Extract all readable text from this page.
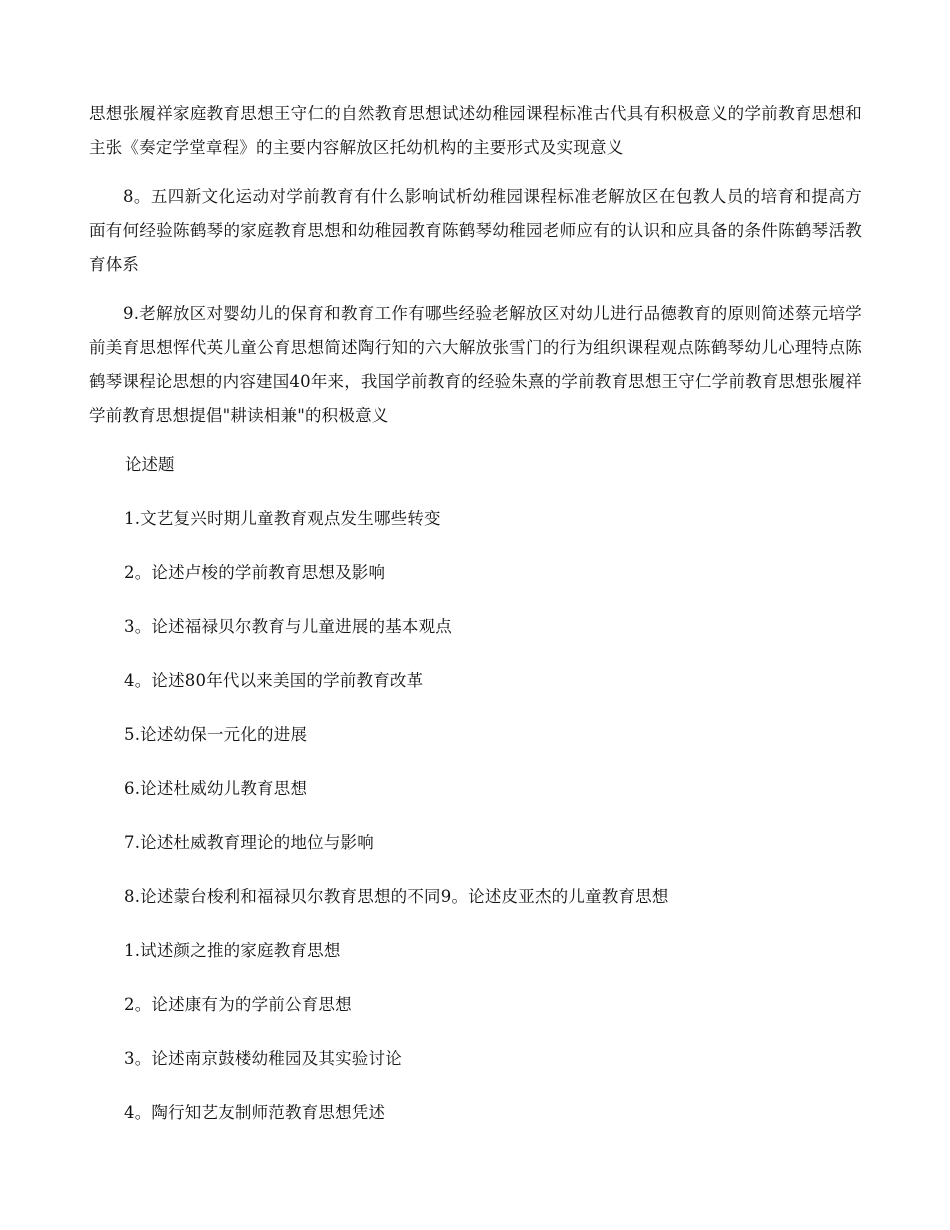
思想张履祥家庭教育思想王守仁的自然教育思想试述幼稚园课程标准古代具有积极意义的学前教育思想和主张《奏定学堂章程》的主要内容解放区托幼机构的主要形式及实现意义

8。五四新文化运动对学前教育有什么影响试析幼稚园课程标准老解放区在包教人员的培育和提高方面有何经验陈鹤琴的家庭教育思想和幼稚园教育陈鹤琴幼稚园老师应有的认识和应具备的条件陈鹤琴活教育体系

9.老解放区对婴幼儿的保育和教育工作有哪些经验老解放区对幼儿进行品德教育的原则简述蔡元培学前美育思想恽代英儿童公育思想简述陶行知的六大解放张雪门的行为组织课程观点陈鹤琴幼儿心理特点陈鹤琴课程论思想的内容建国40年来，我国学前教育的经验朱熹的学前教育思想王守仁学前教育思想张履祥学前教育思想提倡"耕读相兼"的积极意义

论述题
1.文艺复兴时期儿童教育观点发生哪些转变
2。论述卢梭的学前教育思想及影响
3。论述福禄贝尔教育与儿童进展的基本观点
4。论述80年代以来美国的学前教育改革
5.论述幼保一元化的进展
6.论述杜威幼儿教育思想
7.论述杜威教育理论的地位与影响
8.论述蒙台梭利和福禄贝尔教育思想的不同9。论述皮亚杰的儿童教育思想
1.试述颜之推的家庭教育思想
2。论述康有为的学前公育思想
3。论述南京鼓楼幼稚园及其实验讨论
4。陶行知艺友制师范教育思想凭述
